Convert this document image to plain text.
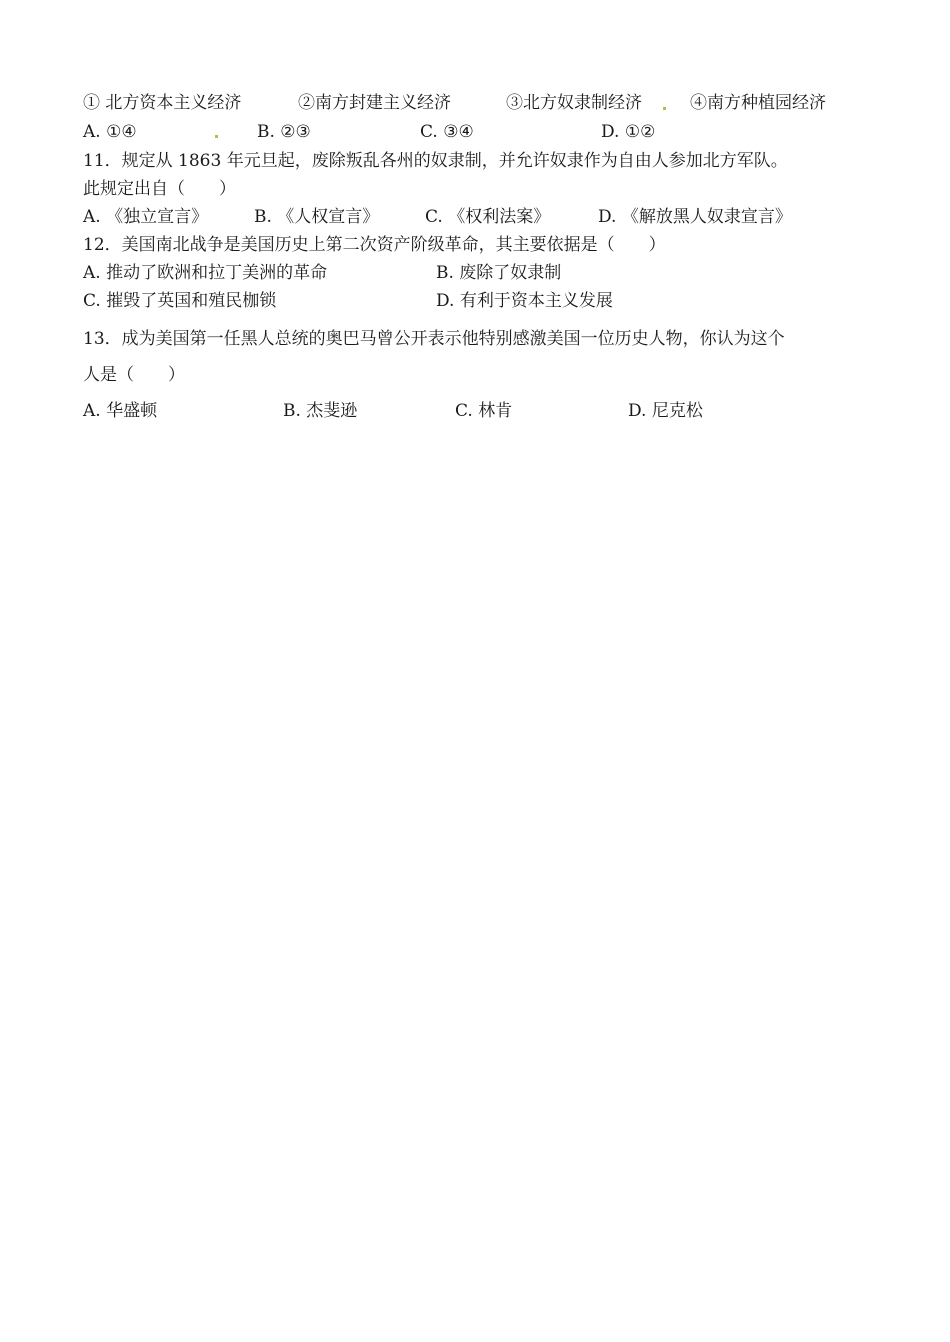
① 北方资本主义经济	②南方封建主义经济	③北方奴隶制经济	④南方种植园经济
A. ①④	B. ②③	C. ③④	D. ①②
11．规定从 1863 年元旦起，废除叛乱各州的奴隶制，并允许奴隶作为自由人参加北方军队。
此规定出自（　　）
A. 《独立宣言》	B. 《人权宣言》	C. 《权利法案》	D. 《解放黑人奴隶宣言》
12．美国南北战争是美国历史上第二次资产阶级革命，其主要依据是（　　）
A. 推动了欧洲和拉丁美洲的革命	B. 废除了奴隶制
C. 摧毁了英国和殖民枷锁	D. 有利于资本主义发展
13．成为美国第一任黑人总统的奥巴马曾公开表示他特别感激美国一位历史人物，你认为这个
人是（　　）
A. 华盛顿	B. 杰斐逊	C. 林肯	D. 尼克松
